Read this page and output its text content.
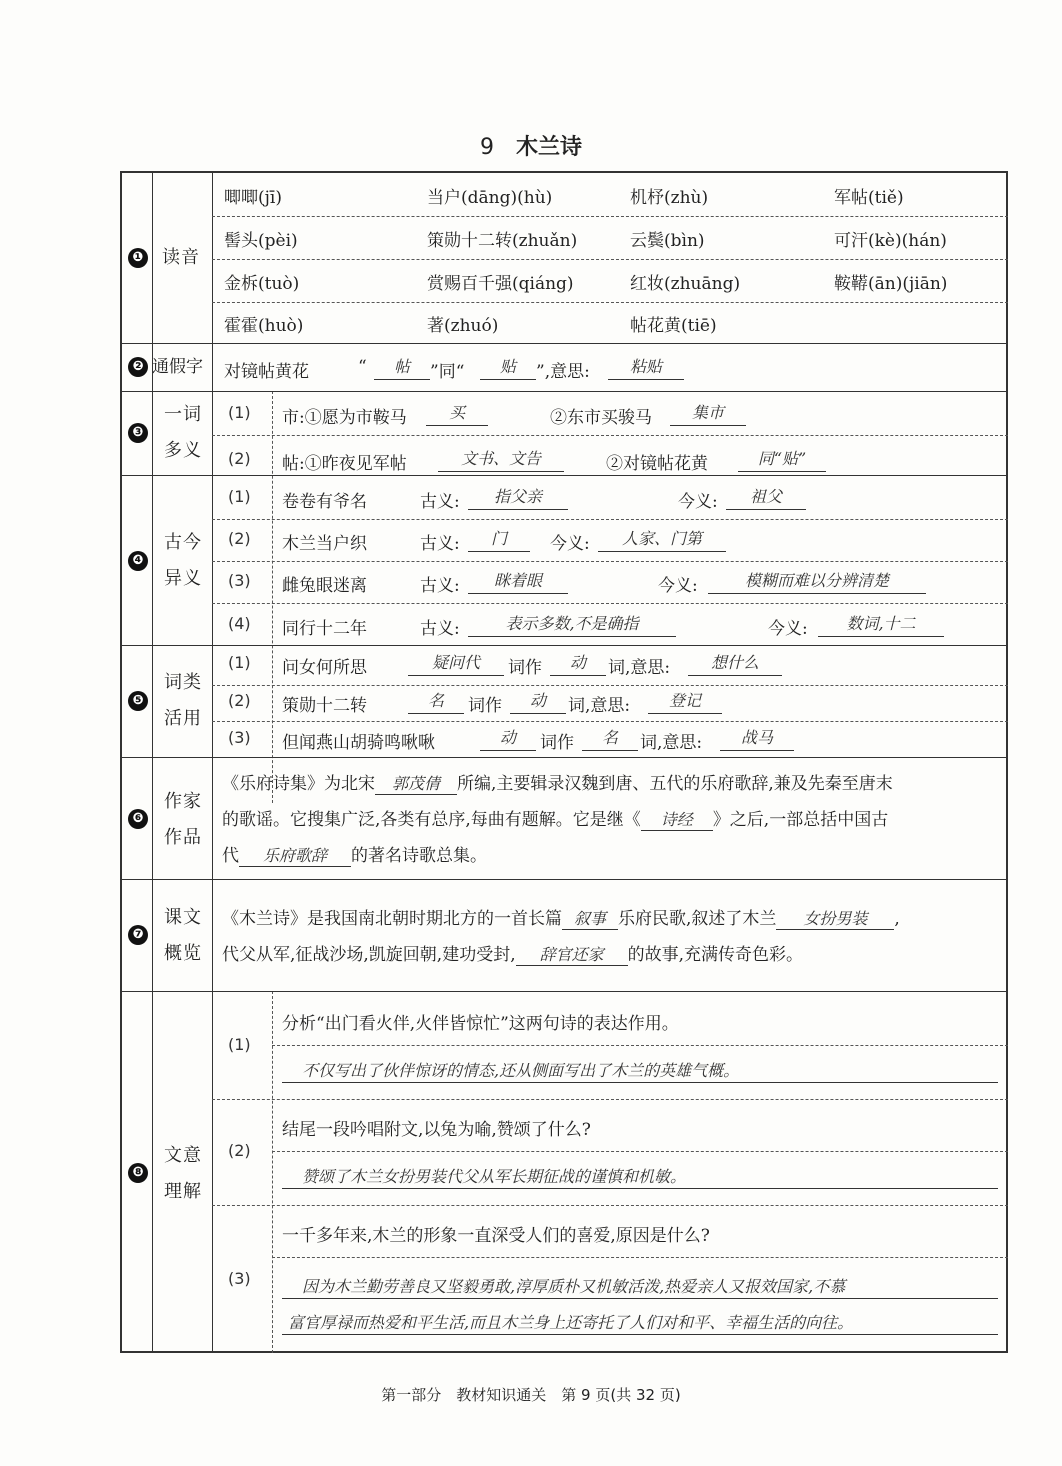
9 木兰诗
❶ 读音
唧唧(jī)	当户(dāng)(hù)	机杼(zhù)	军帖(tiě)
髻头(pèi)	策勋十二转(zhuǎn)	云鬓(bìn)	可汗(kè)(hán)
金柝(tuò)	赏赐百千强(qiáng)	红妆(zhuāng)	鞍鞯(ān)(jiān)
霍霍(huò)	著(zhuó)	帖花黄(tiē)
❷ 通假字 对镜帖黄花	“	帖	”同“	贴	”,意思:	粘贴
❸
一词
多义
(1) 市:①愿为市鞍马	买	②东市买骏马	集市
(2) 帖:①昨夜见军帖	文书、文告	②对镜帖花黄	同“贴”
❹
古今
异义
(1) 卷卷有爷名	古义:	指父亲	今义:	祖父
(2) 木兰当户织	古义:	门	今义:	人家、门第
(3) 雌兔眼迷离	古义:	眯着眼	今义:	模糊而难以分辨清楚
(4) 同行十二年	古义:	表示多数,不是确指	今义:	数词,十二
❺
词类
活用
(1) 问女何所思	疑问代	词作	动	词,意思:	想什么
(2) 策勋十二转	名	词作	动	词,意思:	登记
(3) 但闻燕山胡骑鸣啾啾	动	词作	名	词,意思:	战马
❻
作家
作品
《乐府诗集》为北宋 郭茂倩 所编,主要辑录汉魏到唐、五代的乐府歌辞,兼及先秦至唐末
的歌谣。它搜集广泛,各类有总序,每曲有题解。它是继《 诗经 》之后,一部总括中国古
代 乐府歌辞 的著名诗歌总集。
❼
课文
概览
《木兰诗》是我国南北朝时期北方的一首长篇 叙事 乐府民歌,叙述了木兰 女扮男装 ,
代父从军,征战沙场,凯旋回朝,建功受封, 辞官还家 的故事,充满传奇色彩。
❽
文意
理解
(1)
分析“出门看火伴,火伴皆惊忙”这两句诗的表达作用。
不仅写出了伙伴惊讶的情态,还从侧面写出了木兰的英雄气概。
(2)
结尾一段吟唱附文,以兔为喻,赞颂了什么?
赞颂了木兰女扮男装代父从军长期征战的谨慎和机敏。
(3)
一千多年来,木兰的形象一直深受人们的喜爱,原因是什么?
因为木兰勤劳善良又坚毅勇敢,淳厚质朴又机敏活泼,热爱亲人又报效国家,不慕
富官厚禄而热爱和平生活,而且木兰身上还寄托了人们对和平、幸福生活的向往。
第一部分　教材知识通关　第 9 页(共 32 页)
